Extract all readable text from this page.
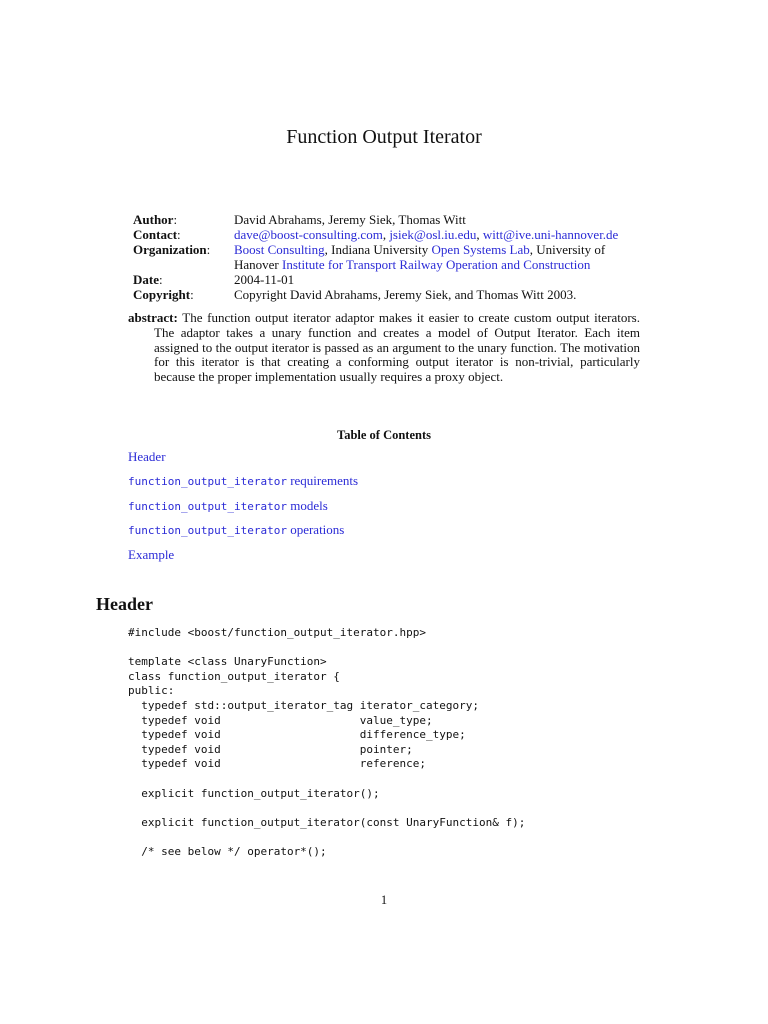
Function Output Iterator
Author:	David Abrahams, Jeremy Siek, Thomas Witt
Contact:	dave@boost-consulting.com, jsiek@osl.iu.edu, witt@ive.uni-hannover.de
Organization:	Boost Consulting, Indiana University Open Systems Lab, University of Hanover Institute for Transport Railway Operation and Construction
Date:	2004-11-01
Copyright:	Copyright David Abrahams, Jeremy Siek, and Thomas Witt 2003.
abstract: The function output iterator adaptor makes it easier to create custom output iterators. The adaptor takes a unary function and creates a model of Output Iterator. Each item assigned to the output iterator is passed as an argument to the unary function. The motivation for this iterator is that creating a conforming output iterator is non-trivial, particularly because the proper implementation usually requires a proxy object.
Table of Contents
Header
function_output_iterator requirements
function_output_iterator models
function_output_iterator operations
Example
Header
#include <boost/function_output_iterator.hpp>

template <class UnaryFunction>
class function_output_iterator {
public:
typedef std::output_iterator_tag iterator_category;
typedef void                     value_type;
typedef void                     difference_type;
typedef void                     pointer;
typedef void                     reference;

explicit function_output_iterator();

explicit function_output_iterator(const UnaryFunction& f);

/* see below */ operator*();
1
